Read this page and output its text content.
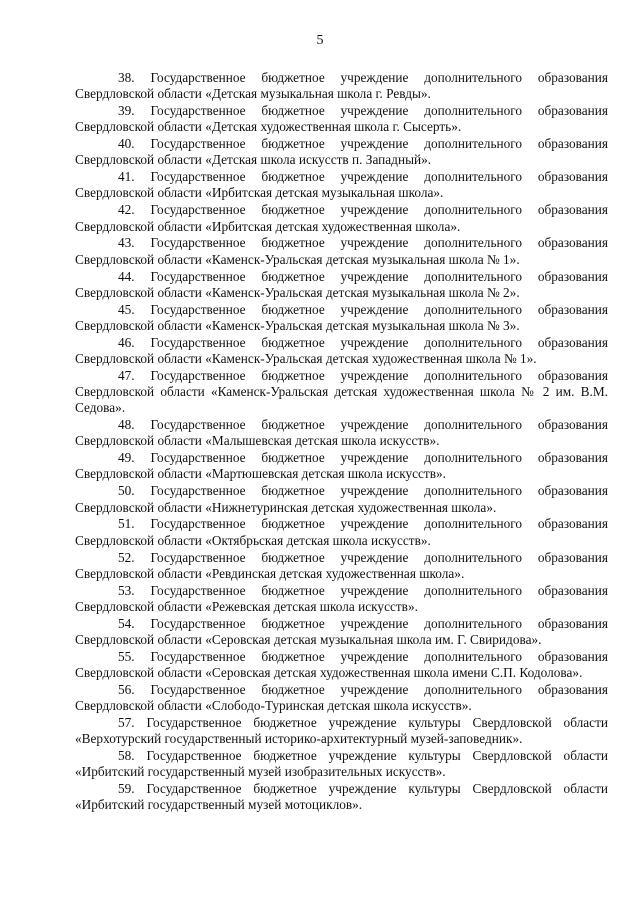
5

38. Государственное бюджетное учреждение дополнительного образования Свердловской области «Детская музыкальная школа г. Ревды».

39. Государственное бюджетное учреждение дополнительного образования Свердловской области «Детская художественная школа г. Сысерть».

40. Государственное бюджетное учреждение дополнительного образования Свердловской области «Детская школа искусств п. Западный».

41. Государственное бюджетное учреждение дополнительного образования Свердловской области «Ирбитская детская музыкальная школа».

42. Государственное бюджетное учреждение дополнительного образования Свердловской области «Ирбитская детская художественная школа».

43. Государственное бюджетное учреждение дополнительного образования Свердловской области «Каменск-Уральская детская музыкальная школа № 1».

44. Государственное бюджетное учреждение дополнительного образования Свердловской области «Каменск-Уральская детская музыкальная школа № 2».

45. Государственное бюджетное учреждение дополнительного образования Свердловской области «Каменск-Уральская детская музыкальная школа № 3».

46. Государственное бюджетное учреждение дополнительного образования Свердловской области «Каменск-Уральская детская художественная школа № 1».

47. Государственное бюджетное учреждение дополнительного образования Свердловской области «Каменск-Уральская детская художественная школа № 2 им. В.М. Седова».

48. Государственное бюджетное учреждение дополнительного образования Свердловской области «Малышевская детская школа искусств».

49. Государственное бюджетное учреждение дополнительного образования Свердловской области «Мартюшевская детская школа искусств».

50. Государственное бюджетное учреждение дополнительного образования Свердловской области «Нижнетуринская детская художественная школа».

51. Государственное бюджетное учреждение дополнительного образования Свердловской области «Октябрьская детская школа искусств».

52. Государственное бюджетное учреждение дополнительного образования Свердловской области «Ревдинская детская художественная школа».

53. Государственное бюджетное учреждение дополнительного образования Свердловской области «Режевская детская школа искусств».

54. Государственное бюджетное учреждение дополнительного образования Свердловской области «Серовская детская музыкальная школа им. Г. Свиридова».

55. Государственное бюджетное учреждение дополнительного образования Свердловской области «Серовская детская художественная школа имени С.П. Кодолова».

56. Государственное бюджетное учреждение дополнительного образования Свердловской области «Слободо-Туринская детская школа искусств».

57. Государственное бюджетное учреждение культуры Свердловской области «Верхотурский государственный историко-архитектурный музей-заповедник».

58. Государственное бюджетное учреждение культуры Свердловской области «Ирбитский государственный музей изобразительных искусств».

59. Государственное бюджетное учреждение культуры Свердловской области «Ирбитский государственный музей мотоциклов».
